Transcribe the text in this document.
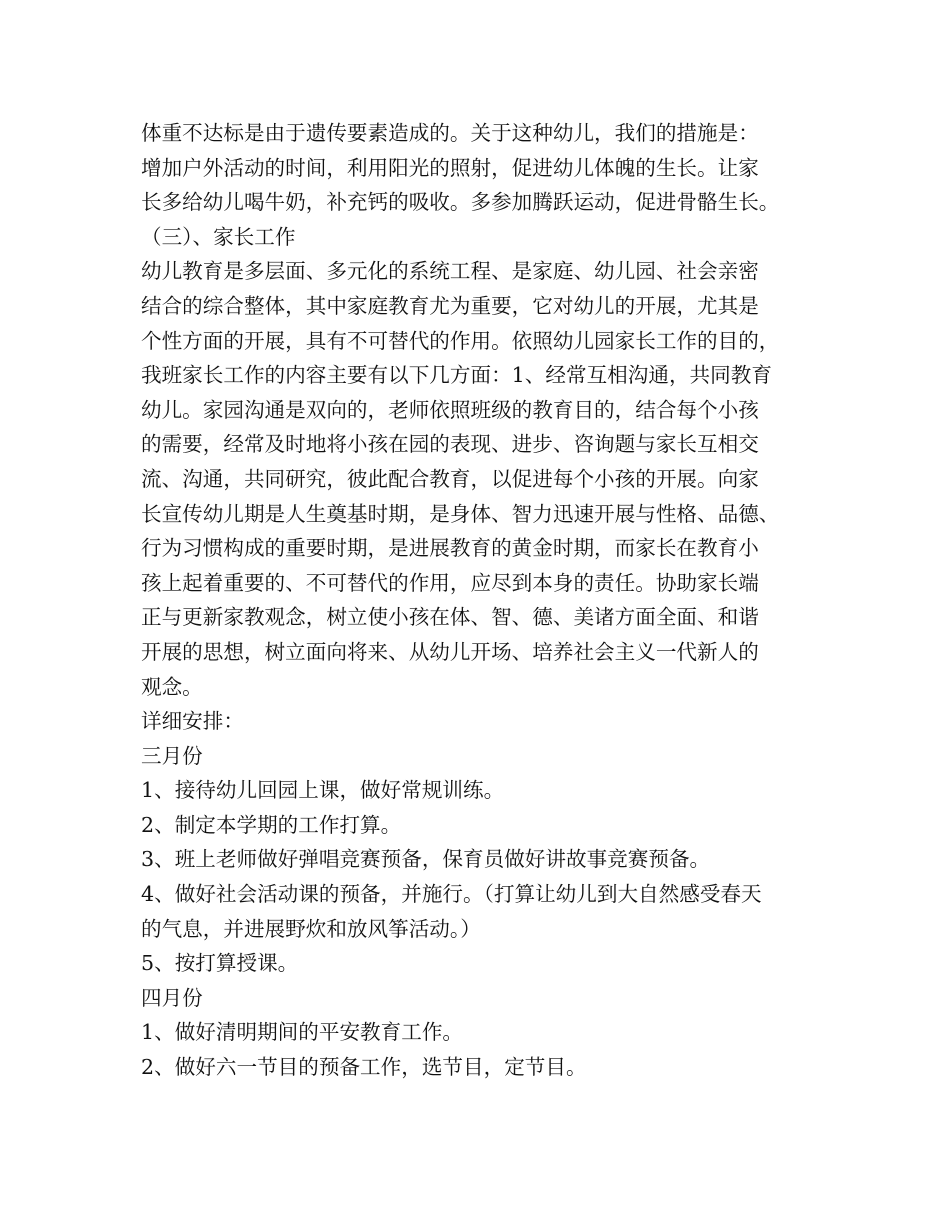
体重不达标是由于遗传要素造成的。关于这种幼儿，我们的措施是：
增加户外活动的时间，利用阳光的照射，促进幼儿体魄的生长。让家
长多给幼儿喝牛奶，补充钙的吸收。多参加腾跃运动，促进骨骼生长。
（三）、家长工作
幼儿教育是多层面、多元化的系统工程、是家庭、幼儿园、社会亲密
结合的综合整体，其中家庭教育尤为重要，它对幼儿的开展，尤其是
个性方面的开展，具有不可替代的作用。依照幼儿园家长工作的目的，
我班家长工作的内容主要有以下几方面：1、经常互相沟通，共同教育
幼儿。家园沟通是双向的，老师依照班级的教育目的，结合每个小孩
的需要，经常及时地将小孩在园的表现、进步、咨询题与家长互相交
流、沟通，共同研究，彼此配合教育，以促进每个小孩的开展。向家
长宣传幼儿期是人生奠基时期，是身体、智力迅速开展与性格、品德、
行为习惯构成的重要时期，是进展教育的黄金时期，而家长在教育小
孩上起着重要的、不可替代的作用，应尽到本身的责任。协助家长端
正与更新家教观念，树立使小孩在体、智、德、美诸方面全面、和谐
开展的思想，树立面向将来、从幼儿开场、培养社会主义一代新人的
观念。
详细安排：
三月份
1、接待幼儿回园上课，做好常规训练。
2、制定本学期的工作打算。
3、班上老师做好弹唱竞赛预备，保育员做好讲故事竞赛预备。
4、做好社会活动课的预备，并施行。（打算让幼儿到大自然感受春天
的气息，并进展野炊和放风筝活动。）
5、按打算授课。
四月份
1、做好清明期间的平安教育工作。
2、做好六一节目的预备工作，选节目，定节目。
